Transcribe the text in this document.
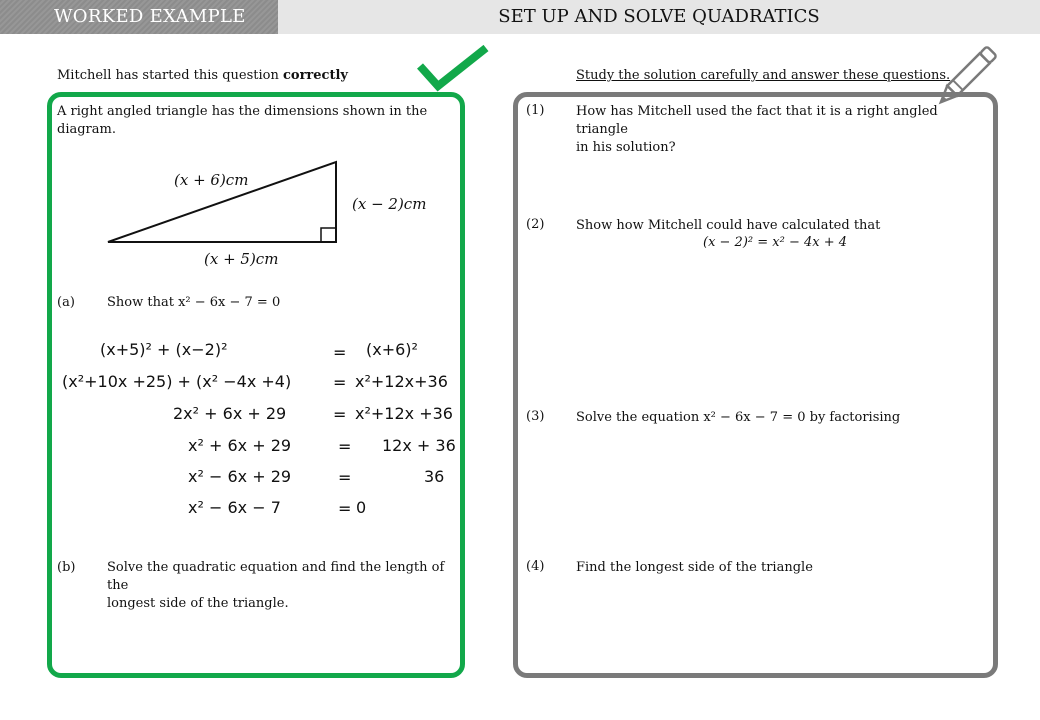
WORKED EXAMPLE	SET UP AND SOLVE QUADRATICS
Mitchell has started this question correctly
A right angled triangle has the dimensions shown in the
diagram.
(x + 6)cm
(x − 2)cm
(x + 5)cm
(a) Show that x² − 6x − 7 = 0
(x+5)² + (x−2)²	= (x+6)²
(x²+10x +25) + (x² −4x +4)	= x²+12x+36
2x² + 6x + 29	= x²+12x +36
x² + 6x + 29	= 12x + 36
x² − 6x + 29	=	36
x² − 6x − 7	= 0
(b) Solve the quadratic equation and find the length of the
longest side of the triangle.
Study the solution carefully and answer these questions.
(1) How has Mitchell used the fact that it is a right angled triangle
in his solution?
(2) Show how Mitchell could have calculated that
(x − 2)² = x² − 4x + 4
(3) Solve the equation x² − 6x − 7 = 0 by factorising
(4) Find the longest side of the triangle
